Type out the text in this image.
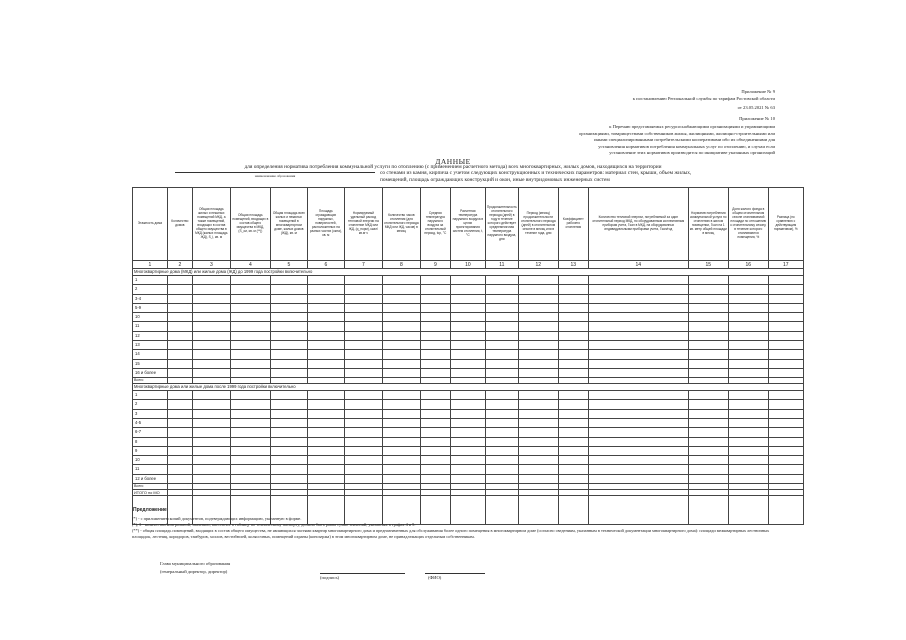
Приложение № 9
к постановлению Региональной службы по тарифам Ростовской области
от 23.05.2021 № 63
Приложение № 10
к Перечню представляемых ресурсоснабжающими организациями и управляющими
организациями, товариществами собственников жилья, жилищными, жилищно-строительными или
иными специализированными потребительскими кооперативами ибо их объединениями для
установления нормативов потребления коммунальных услуг по отоплению, и случаи если
установление этих нормативов производится по инициативе указанных организаций
ДАННЫЕ
для определения норматива потребления коммунальной услуги по отоплению (с применением расчетного метода) всех многоквартирных, жилых домов, находящихся на территории
со стенами из камня, кирпича с учетом следующих конструкционных и технических параметров: материал стен, крыши, объем жилых,
наименование образования
помещений, площадь ограждающих конструкций и окон, иные внутридомовых инженерных систем
Этажность дома	Количество домов	Общая площадь жилых и нежилых помещений МКД, а также помещений, входящих в состав общего имущества в МКД (жилых площадь ЖД), S_i, кв. м	Общая площадь помещений, входящих в состав общего имущества в МКД, (S_ои, кв. м (**))	Общая площадь всех жилых и нежилых помещений в многоквартирном доме, жилых домов (ЖД), кв. м	Площадь ограждающих наружных, поверхностей, расположенных на разных частях (окна), кв. м	Нормируемый удельный расход тепловой энергии на отопление МКД или ЖД, (q_норм), ккал/кв.м·ч	Количество часов отопления (для отопительного периода МКД или ЖД, часов) в месяц	Средняя температура наружного воздуха за отопительный период, tcp, °C	Расчетная температура наружного воздуха в целях проектирования систем отопления, t, °C	Продолжительность отопительного периода (дней) в году в течение которого действует среднемесячная температура наружного воздуха, дни	Период (месяц) продолжительности отопительного периода (дней) в отопительном сезоне в месяц или в течение года, дни	Коэффициент рабочего отопления	Количество тепловой энергии, потребляемой за один отопительный период МКД, по оборудованным коллективным приборам учета, Гкал в МКД, на оборудованных индивидуальными приборами учета, Гкал/год	Норматив потребления коммунальной услуги по отоплению в жилом помещении, Гкал на 1 кв. метр общей площади в месяц	Доля жилого фонда в общем отопительном сезоне отапливаемой площади по отношению к отопительному сезону, в течение которого отапливаются помещения, %	Разница (по сравнению с действующим нормативом), %
1	2	3	4	5	6	7	8	9	10	11	12	13	14	15	16	17
Многоквартирные дома (МКД) или жилые дома (ЖД) до 1999 года постройки включительно																
1																
2																
3-4																
5-9																
10																
11																
12																
13																
14																
15																
16 и более																
Всего																
Многоквартирные дома или жилые дома после 1999 года постройки включительно																
1																
2																
3																
4-5																
6-7																
8																
9																
10																
11																
12 и более																
Всего																
ИТОГО по МО																
Предложение																

(*) - с приложением копий документов, подтверждающих информацию, указанную в форме.

(*), 3 - количество/контрольной, значению, внесенное в таблицу по техническому паспорту, должна быть равна сумме значений, указанных в графах 4 и 5.

(**) - общая площадь помещений, входящих в состав общего имущества, не являющихся частями квартир многоквартирного дома и предназначенных для обслуживания более одного помещения в многоквартирном доме (согласно сведениям, указанным в технической документации многоквартирного дома): площади межквартирных лестничных площадок, лестниц, коридоров, тамбуров, холлов, вестибюлей, колясочных, помещений охраны (консьержа) в этом многоквартирном доме, не принадлежащих отдельным собственникам.

Глава муниципального образования
(генеральный директор, директор)
(подпись)	(ФИО)
